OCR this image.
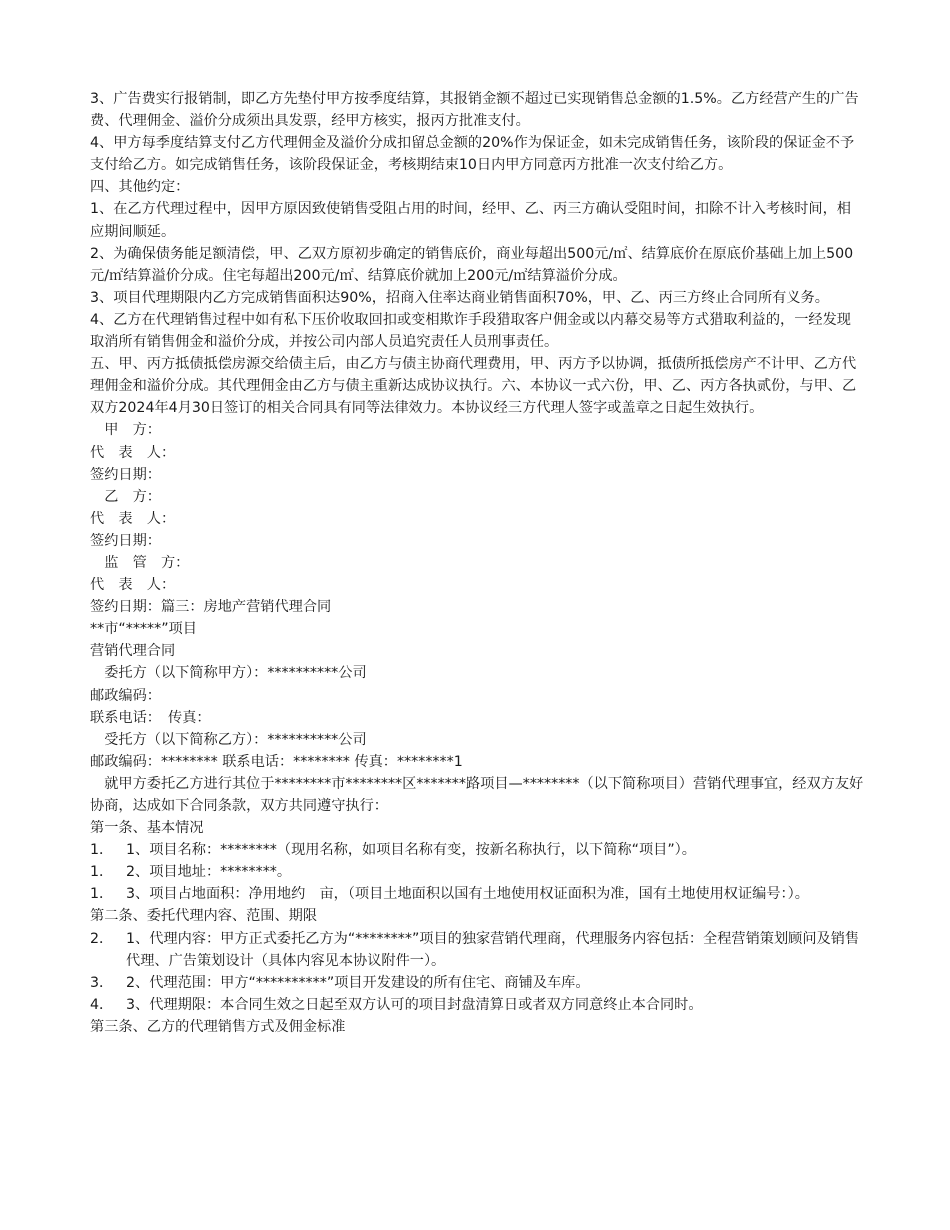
3、广告费实行报销制，即乙方先垫付甲方按季度结算，其报销金额不超过已实现销售总金额的1.5%。乙方经营产生的广告费、代理佣金、溢价分成须出具发票，经甲方核实，报丙方批准支付。

4、甲方每季度结算支付乙方代理佣金及溢价分成扣留总金额的20%作为保证金，如未完成销售任务，该阶段的保证金不予支付给乙方。如完成销售任务，该阶段保证金，考核期结束10日内甲方同意丙方批准一次支付给乙方。

四、其他约定：

1、在乙方代理过程中，因甲方原因致使销售受阻占用的时间，经甲、乙、丙三方确认受阻时间，扣除不计入考核时间，相应期间顺延。

2、为确保债务能足额清偿，甲、乙双方原初步确定的销售底价，商业每超出500元/㎡、结算底价在原底价基础上加上500元/㎡结算溢价分成。住宅每超出200元/㎡、结算底价就加上200元/㎡结算溢价分成。

3、项目代理期限内乙方完成销售面积达90%，招商入住率达商业销售面积70%，甲、乙、丙三方终止合同所有义务。

4、乙方在代理销售过程中如有私下压价收取回扣或变相欺诈手段猎取客户佣金或以内幕交易等方式猎取利益的，一经发现取消所有销售佣金和溢价分成，并按公司内部人员追究责任人员刑事责任。

五、甲、丙方抵债抵偿房源交给债主后，由乙方与债主协商代理费用，甲、丙方予以协调，抵债所抵偿房产不计甲、乙方代理佣金和溢价分成。其代理佣金由乙方与债主重新达成协议执行。六、本协议一式六份，甲、乙、丙方各执贰份，与甲、乙双方2024年4月30日签订的相关合同具有同等法律效力。本协议经三方代理人签字或盖章之日起生效执行。

　甲　方：

代　表　人：

签约日期：

　乙　方：

代　表　人：

签约日期：

　监　管　方：

代　表　人：

签约日期：篇三：房地产营销代理合同

**市“*****”项目

营销代理合同

　委托方（以下简称甲方）：**********公司

邮政编码：

联系电话：　传真：

　受托方（以下简称乙方）：**********公司

邮政编码：******** 联系电话：******** 传真：********1

　就甲方委托乙方进行其位于********市********区*******路项目—********（以下简称项目）营销代理事宜，经双方友好协商，达成如下合同条款，双方共同遵守执行：

第一条、基本情况

1． 1、项目名称：********（现用名称，如项目名称有变，按新名称执行，以下简称“项目”）。
1． 2、项目地址：********。
1． 3、项目占地面积：净用地约　亩，（项目土地面积以国有土地使用权证面积为准，国有土地使用权证编号：）。

第二条、委托代理内容、范围、期限

2． 1、代理内容：甲方正式委托乙方为“********”项目的独家营销代理商，代理服务内容包括：全程营销策划顾问及销售代理、广告策划设计（具体内容见本协议附件一）。
3． 2、代理范围：甲方“**********”项目开发建设的所有住宅、商铺及车库。
4． 3、代理期限：本合同生效之日起至双方认可的项目封盘清算日或者双方同意终止本合同时。

第三条、乙方的代理销售方式及佣金标准
